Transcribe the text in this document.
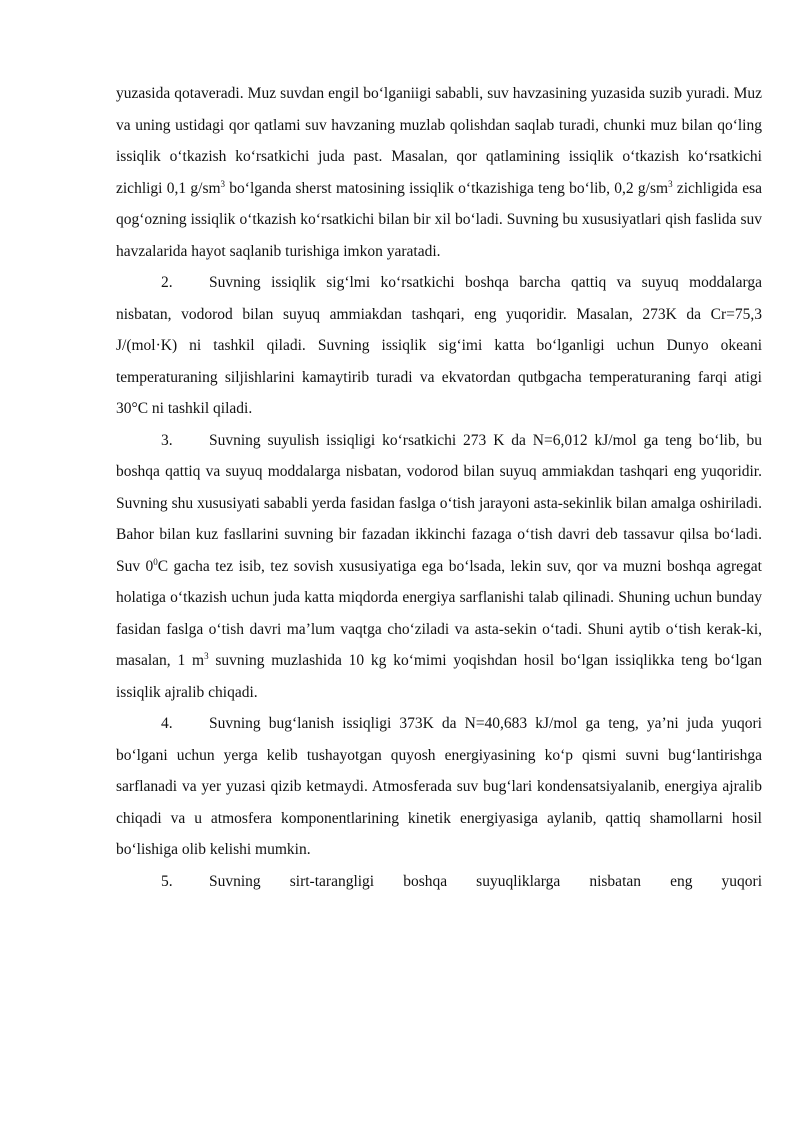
yuzasida qotaveradi. Muz suvdan engil bo‘lganiigi sababli, suv havzasining yuzasida suzib yuradi. Muz va uning ustidagi qor qatlami suv havzaning muzlab qolishdan saqlab turadi, chunki muz bilan qo‘ling issiqlik o‘tkazish ko‘rsatkichi juda past. Masalan, qor qatlamining issiqlik o‘tkazish ko‘rsatkichi zichligi 0,1 $g/sm^3$ bo‘lganda sherst matosining issiqlik o‘tkazishiga teng bo‘lib, 0,2 $g/sm^3$ zichligida esa qog‘ozning issiqlik o‘tkazish ko‘rsatkichi bilan bir xil bo‘ladi. Suvning bu xususiyatlari qish faslida suv havzalarida hayot saqlanib turishiga imkon yaratadi.

2. Suvning issiqlik sig‘lmi ko‘rsatkichi boshqa barcha qattiq va suyuq moddalarga nisbatan, vodorod bilan suyuq ammiakdan tashqari, eng yuqoridir. Masalan, 273K da Cr=75,3 J/(mol·K) ni tashkil qiladi. Suvning issiqlik sig‘imi katta bo‘lganligi uchun Dunyo okeani temperaturaning siljishlarini kamaytirib turadi va ekvatordan qutbgacha temperaturaning farqi atigi 30°C ni tashkil qiladi.

3. Suvning suyulish issiqligi ko‘rsatkichi 273 K da N=6,012 kJ/mol ga teng bo‘lib, bu boshqa qattiq va suyuq moddalarga nisbatan, vodorod bilan suyuq ammiakdan tashqari eng yuqoridir. Suvning shu xususiyati sababli yerda fasidan faslga o‘tish jarayoni asta-sekinlik bilan amalga oshiriladi. Bahor bilan kuz fasllarini suvning bir fazadan ikkinchi fazaga o‘tish davri deb tassavur qilsa bo‘ladi. Suv $0^0C$ gacha tez isib, tez sovish xususiyatiga ega bo‘lsada, lekin suv, qor va muzni boshqa agregat holatiga o‘tkazish uchun juda katta miqdorda energiya sarflanishi talab qilinadi. Shuning uchun bunday fasidan faslga o‘tish davri ma’lum vaqtga cho‘ziladi va asta-sekin o‘tadi. Shuni aytib o‘tish kerak-ki, masalan, 1 $m^3$ suvning muzlashida 10 kg ko‘mimi yoqishdan hosil bo‘lgan issiqlikka teng bo‘lgan issiqlik ajralib chiqadi.

4. Suvning bug‘lanish issiqligi 373K da N=40,683 kJ/mol ga teng, ya’ni juda yuqori bo‘lgani uchun yerga kelib tushayotgan quyosh energiyasining ko‘p qismi suvni bug‘lantirishga sarflanadi va yer yuzasi qizib ketmaydi. Atmosferada suv bug‘lari kondensatsiyalanib, energiya ajralib chiqadi va u atmosfera komponentlarining kinetik energiyasiga aylanib, qattiq shamollarni hosil bo‘lishiga olib kelishi mumkin.

5. Suvning sirt-tarangligi boshqa suyuqliklarga nisbatan eng yuqori
